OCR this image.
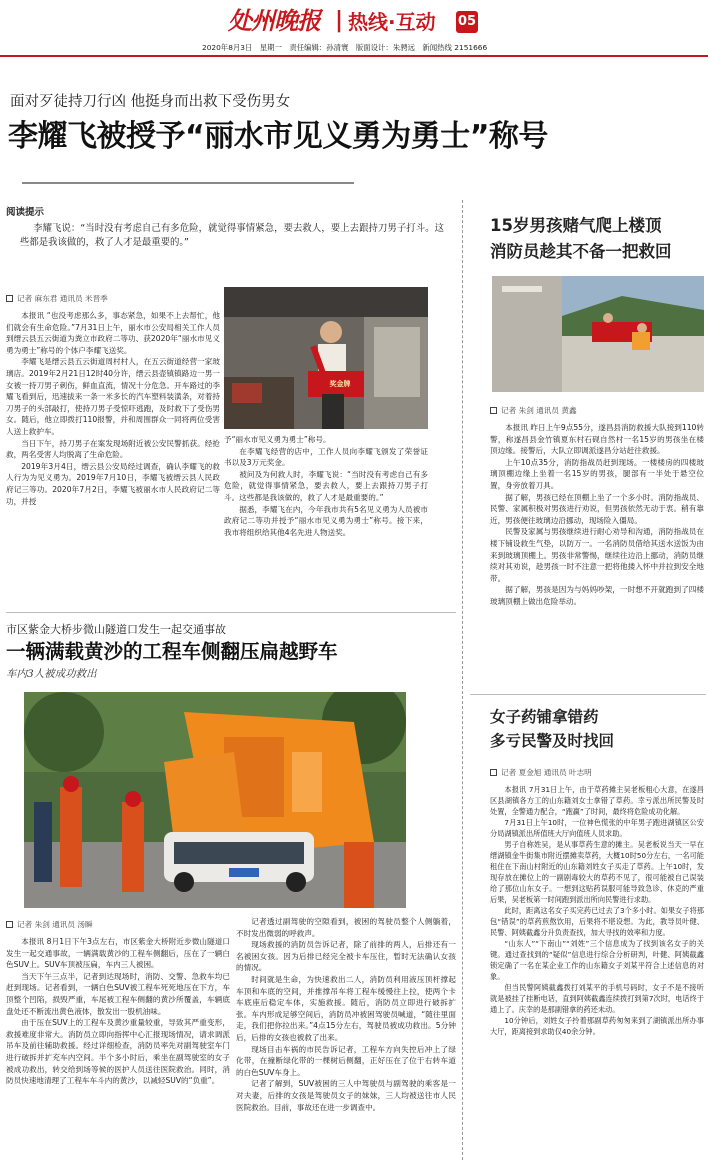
处州晚报 | 热线·互动	05
2020年8月3日　星期一　责任编辑：孙清寰　版面设计：朱骋远　新闻热线 2151666
面对歹徒持刀行凶 他挺身而出救下受伤男女
李耀飞被授予“丽水市见义勇为勇士”称号
阅读提示
李耀飞说：“当时没有考虑自己有多危险，就觉得事情紧急，要去救人，要上去跟持刀男子打斗。这些都是我该做的，救了人才是最重要的。”
记者 麻东君 通讯员 米晋季

本报讯 “也没考虑那么多，事态紧急，如果不上去帮忙，他们就会有生命危险。”7月31日上午，丽水市公安局相关工作人员到缙云县五云街道为粪立市政府二等功、获2020年“丽水市见义勇为勇士”称号的个体户李耀飞送奖。

李耀飞是缙云县五云街道周村村人，在五云街道经营一家玻璃店。2019年2月21日12时40分许，缙云县壶镇镇路边一男一女被一持刀男子刺伤，鲜血直流，情况十分危急。开车路过的李耀飞看到后，迅速拔来一条一米多长的汽车塑料装潢条，对着持刀男子的头部敲打，使持刀男子受惊吓逃跑，及时救下了受伤男女。随后，他立即拨打110报警，并和周围群众一同将两位受害人送上救护车。

当日下午，持刀男子在案发现场附近被公安民警抓获。经抢救，两名受害人均脱离了生命危险。

2019年3月4日，缙云县公安局经过调查，确认李耀飞的救人行为为见义勇为。2019年7月10日，李耀飞被缙云县人民政府记三等功。2020年7月2日，李耀飞被丽水市人民政府记二等功，并授

奖金牌

予“丽水市见义勇为勇士”称号。

在李耀飞经营的店中，工作人员向李耀飞颁发了荣誉证书以及3万元奖金。

被问及为何救人时，李耀飞说：“当时没有考虑自己有多危险，就觉得事情紧急，要去救人，要上去跟持刀男子打斗。这些都是我该做的，救了人才是最重要的。”

据悉，李耀飞在内，今年我市共有5名见义勇为人员被市政府记二等功并授予“丽水市见义勇为勇士”称号。接下来，我市将组织给其他4名先进人物送奖。

市区紫金大桥步微山隧道口发生一起交通事故
一辆满载黄沙的工程车侧翻压扁越野车
车内3人被成功救出
记者 朱剑 通讯员 汤瞬

本报讯 8月1日下午3点左右，市区紫金大桥附近步微山隧道口发生一起交通事故，一辆满载黄沙的工程车侧翻后，压在了一辆白色SUV上。SUV车顶被压扁，车内三人被困。

当天下午三点半，记者到达现场时，消防、交警、急救车均已赶到现场。记者看到，一辆白色SUV被工程车死死地压在下方，车顶整个凹陷，损毁严重，车尾被工程车侧翻的黄沙所覆盖，车辆底盘处还不断流出黄色液体，散发出一股机油味。

由于压在SUV上的工程车及黄沙重量较重，导致其严重变形，救援难度非常大。消防员立即向指挥中心汇报现场情况，请求调派吊车及前往辅助救援。经过详细检查，消防员率先对副驾驶室车门进行破拆并扩充车内空间。半个多小时后，乘坐在副驾驶室的女子被成功救出，转交给到场等候的医护人员送往医院救治。同时，消防员快速地清理了工程车车斗内的黄沙，以减轻SUV的“负重”。

记者透过副驾驶的空隙看到，被困的驾驶员整个人侧躺着，不时发出微弱的呼救声。

现场救援的消防员告诉记者，除了前排的两人，后排还有一名被困女孩。因为后排已经完全被卡车压住，暂时无法确认女孩的情况。

时间就是生命，为快速救出二人，消防员利用液压顶杆撑起车顶和车底的空间，并推撑吊车将工程车缓慢往上拉，使两个卡车底座后稳定车体，实施救援。随后，消防员立即进行破拆扩张。车内形成足够空间后，消防员冲被困驾驶员喊道，“随往里面走，我们把你拉出来。”4点15分左右，驾驶员被成功救出。5分钟后，后排的女孩也被救了出来。

现场目击车祸的市民告诉记者，工程车方向失控后冲上了绿化带，在撞断绿化带的一棵树后侧翻，正好压在了位于右转车道的白色SUV车身上。

记者了解到，SUV被困的三人中驾驶员与副驾驶的乘客是一对夫妻，后排的女孩是驾驶员女子的妹妹，三人均被送往市人民医院救治。目前，事故还在进一步调查中。

15岁男孩赌气爬上楼顶
消防员趁其不备一把救回
记者 朱剑 通讯员 黄鑫

本报讯 昨日上午9点55分，遂昌县消防救援大队接到110转警，称遂昌县金竹镇夏东村石砚自然村一名15岁的男孩坐在楼顶边缘。接警后，大队立即调派遂昌分站赶往救援。

上午10点35分，消防指战员赶到现场。一楼楼房的四楼玻璃顶棚边缘上坐着一名15岁的男孩，腿部有一半处于悬空位置，身旁放着刀具。

据了解，男孩已经在顶棚上坐了一个多小时。消防指战员、民警、家属积极对男孩进行劝说，但男孩依然无动于衷。稍有靠近，男孩便往玻璃边沿挪动，现场险入僵局。

民警及家属与男孩继续进行耐心劝导和沟通，消防指战员在楼下铺设救生气垫，以防万一。一名消防员借给其送水送饭为由来到玻璃顶棚上。男孩非常警惕，继续往边沿上挪动，消防员继续对其劝说，趁男孩一时不注意一把将他搂入怀中并拉到安全地带。

据了解，男孩是因为与妈妈吵架，一时想不开就跑到了四楼玻璃顶棚上做出危险举动。

女子药铺拿错药
多亏民警及时找回
记者 夏金旭 通讯员 叶志明

本报讯 7月31日上午，由于草药摊主吴老板粗心大意，在遂昌区县湖镇各方工的山东籍刘女士拿错了草药。幸亏派出所民警及时处置，全警通力配合，“跑赢”了时间，最终将危险成功化解。

7月31日上午10时，一位神色慌张的中年男子跑进湖镇区公安分局湖镇派出所值班大厅向值班人员求助。

男子自称姓吴，是从事草药生意的摊主。吴老板说当天一早在缙湖镇金牛街集市附近摆摊卖草药，大概10时50分左右，一名可能租住在下南山村附近的山东籍刘姓女子买走了草药。上午10时，发现存放在摊位上的一副剧毒较大的草药不见了，很可能被自己误装给了那位山东女子。一想到这贴药误服可能导致急诊、休克的严重后果，吴老板第一时间跑到派出所向民警进行求助。

此时，距离这名女子买完药已过去了3个多小时。如果女子将那包“错误”的草药煎熬饮用，后果将不堪设想。为此，教导员叶健、民警、阿姨截鑫分升负责查找，加大寻找的效率和力度。

“山东人”“下南山”“刘姓”三个信息成为了找到该名女子的关键。通过查找到的“疑似”信息进行综合分析研判，叶健、阿姨截鑫锁定确了一名在某企业工作的山东籍女子刘某平符合上述信息的对象。

但当民警阿姨截鑫拨打刘某平的手机号码时，女子不是不接听就是被挂了挂断电话，直到阿姨截鑫连续拨打到第7次时，电话终于通上了。庆幸的是那副错拿的药还未动。

10分钟后，刘姓女子拎着那副草药匆匆来到了湖镇派出所办事大厅，距离接到求助仅40余分钟。
